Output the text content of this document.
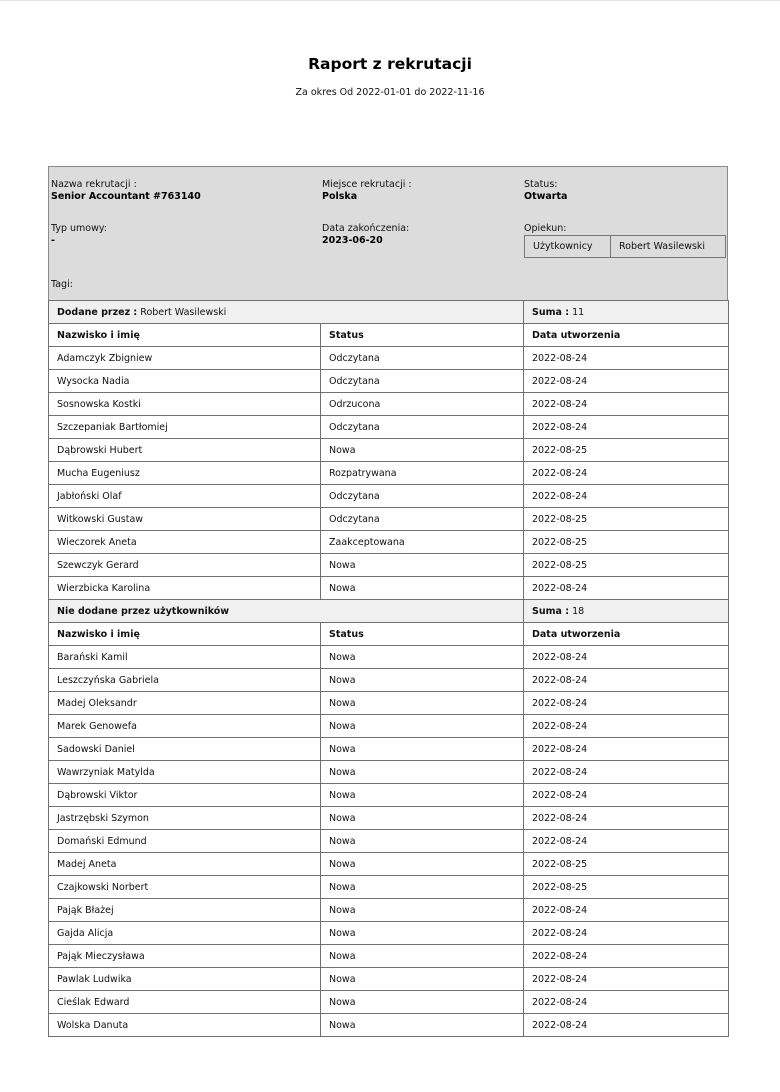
Raport z rekrutacji
Za okres Od 2022-01-01 do 2022-11-16
Nazwa rekrutacji :
Senior Accountant #763140
Miejsce rekrutacji :
Polska
Status:
Otwarta
Typ umowy:
-
Data zakończenia:
2023-06-20
Opiekun:
Użytkownicy	Robert Wasilewski
Tagi:
Dodane przez : Robert Wasilewski		Suma : 11
Nazwisko i imię	Status	Data utworzenia
Adamczyk Zbigniew	Odczytana	2022-08-24
Wysocka Nadia	Odczytana	2022-08-24
Sosnowska Kostki	Odrzucona	2022-08-24
Szczepaniak Bartłomiej	Odczytana	2022-08-24
Dąbrowski Hubert	Nowa	2022-08-25
Mucha Eugeniusz	Rozpatrywana	2022-08-24
Jabłoński Olaf	Odczytana	2022-08-24
Witkowski Gustaw	Odczytana	2022-08-25
Wieczorek Aneta	Zaakceptowana	2022-08-25
Szewczyk Gerard	Nowa	2022-08-25
Wierzbicka Karolina	Nowa	2022-08-24
Nie dodane przez użytkowników		Suma : 18
Nazwisko i imię	Status	Data utworzenia
Barański Kamil	Nowa	2022-08-24
Leszczyńska Gabriela	Nowa	2022-08-24
Madej Oleksandr	Nowa	2022-08-24
Marek Genowefa	Nowa	2022-08-24
Sadowski Daniel	Nowa	2022-08-24
Wawrzyniak Matylda	Nowa	2022-08-24
Dąbrowski Viktor	Nowa	2022-08-24
Jastrzębski Szymon	Nowa	2022-08-24
Domański Edmund	Nowa	2022-08-24
Madej Aneta	Nowa	2022-08-25
Czajkowski Norbert	Nowa	2022-08-25
Pająk Błażej	Nowa	2022-08-24
Gajda Alicja	Nowa	2022-08-24
Pająk Mieczysława	Nowa	2022-08-24
Pawlak Ludwika	Nowa	2022-08-24
Cieślak Edward	Nowa	2022-08-24
Wolska Danuta	Nowa	2022-08-24
